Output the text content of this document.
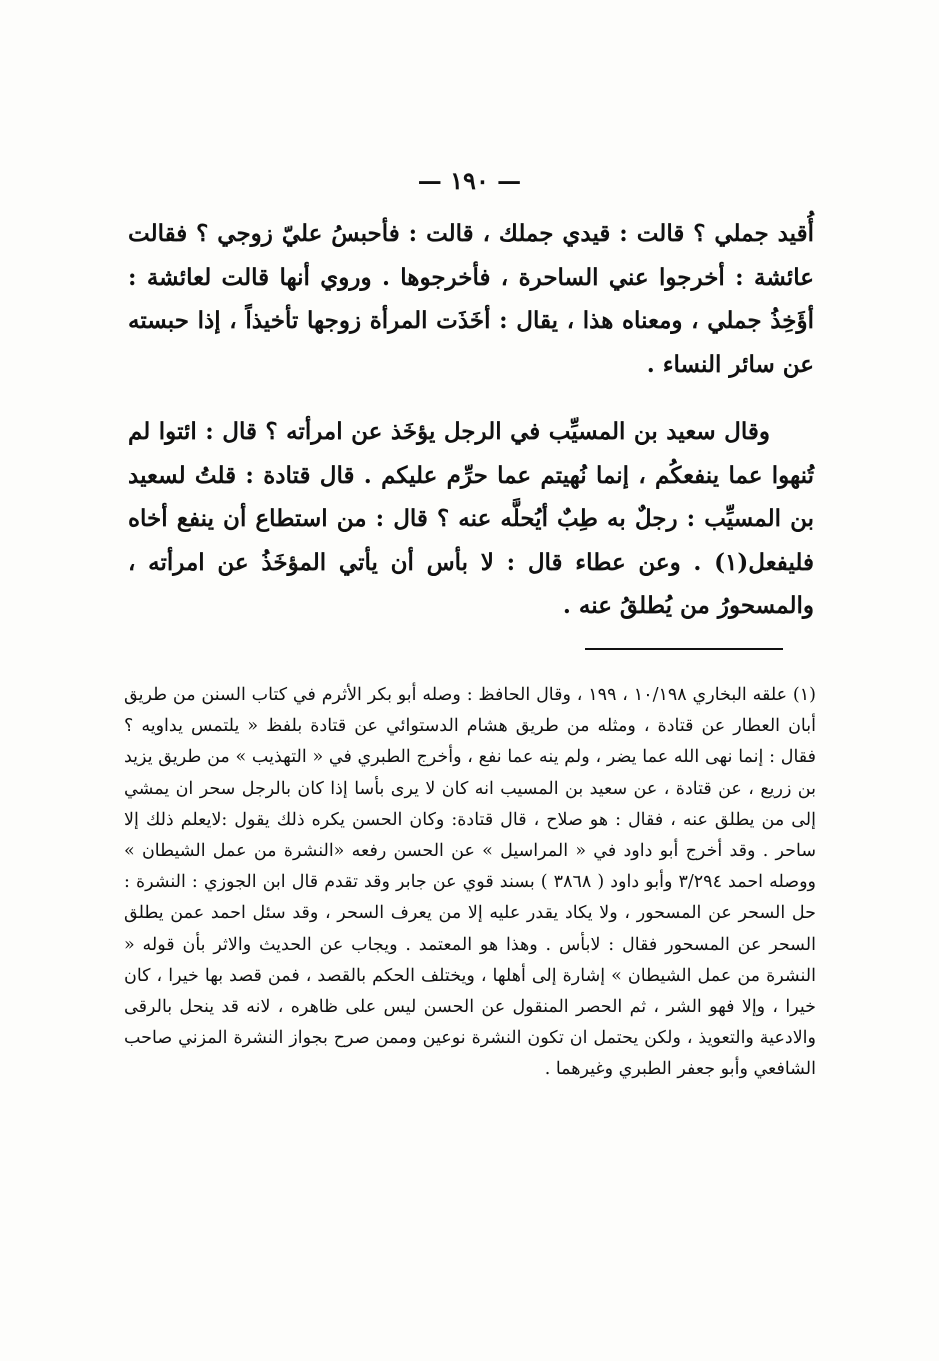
— ١٩٠ —

أُقيد جملي ؟ قالت : قيدي جملك ، قالت : فأحبسُ عليّ زوجي ؟ فقالت عائشة : أخرجوا عني الساحرة ، فأخرجوها . وروي أنها قالت لعائشة : أؤَخِذُ جملي ، ومعناه هذا ، يقال : أخَذَت المرأة زوجها تأخيذاً ، إذا حبسته عن سائر النساء .

وقال سعيد بن المسيِّب في الرجل يؤخَذ عن امرأته ؟ قال : ائتوا لم تُنهوا عما ينفعكُم ، إنما نُهيتم عما حرِّم عليكم . قال قتادة : قلتُ لسعيد بن المسيِّب : رجلٌ به طِبٌ أيُحلَّه عنه ؟ قال : من استطاع أن ينفع أخاه فليفعل(١) . وعن عطاء قال : لا بأس أن يأتي المؤخَذُ عن امرأته ، والمسحورُ من يُطلقُ عنه .

(١) علقه البخاري ١٠/١٩٨ ، ١٩٩ ، وقال الحافظ : وصله أبو بكر الأثرم في كتاب السنن من طريق أبان العطار عن قتادة ، ومثله من طريق هشام الدستوائي عن قتادة بلفظ « يلتمس يداويه ؟ فقال : إنما نهى الله عما يضر ، ولم ينه عما نفع ، وأخرج الطبري في « التهذيب » من طريق يزيد بن زريع ، عن قتادة ، عن سعيد بن المسيب انه كان لا يرى بأسا إذا كان بالرجل سحر ان يمشي إلى من يطلق عنه ، فقال : هو صلاح ، قال قتادة: وكان الحسن يكره ذلك يقول :لايعلم ذلك إلا ساحر . وقد أخرج أبو داود في « المراسيل » عن الحسن رفعه «النشرة من عمل الشيطان » ووصله احمد ٣/٢٩٤ وأبو داود ( ٣٨٦٨ ) بسند قوي عن جابر وقد تقدم قال ابن الجوزي : النشرة : حل السحر عن المسحور ، ولا يكاد يقدر عليه إلا من يعرف السحر ، وقد سئل احمد عمن يطلق السحر عن المسحور فقال : لابأس . وهذا هو المعتمد . ويجاب عن الحديث والاثر بأن قوله « النشرة من عمل الشيطان » إشارة إلى أهلها ، ويختلف الحكم بالقصد ، فمن قصد بها خيرا ، كان خيرا ، وإلا فهو الشر ، ثم الحصر المنقول عن الحسن ليس على ظاهره ، لانه قد ينحل بالرقى والادعية والتعويذ ، ولكن يحتمل ان تكون النشرة نوعين وممن صرح بجواز النشرة المزني صاحب الشافعي وأبو جعفر الطبري وغيرهما .
